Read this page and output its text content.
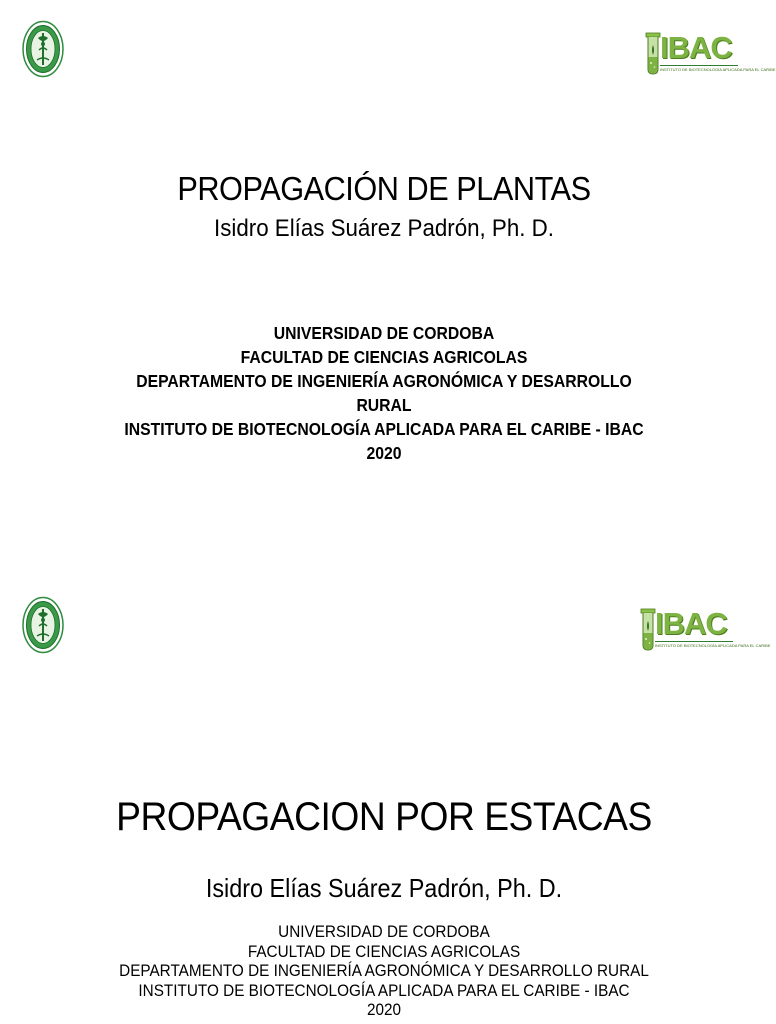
IBAC
INSTITUTO DE BIOTECNOLOGÍA APLICADA PARA EL CARIBE
PROPAGACIÓN DE PLANTAS
Isidro Elías Suárez Padrón, Ph. D.
UNIVERSIDAD DE CORDOBA
FACULTAD DE CIENCIAS AGRICOLAS
DEPARTAMENTO DE INGENIERÍA AGRONÓMICA Y DESARROLLO RURAL
INSTITUTO DE BIOTECNOLOGÍA APLICADA PARA EL CARIBE - IBAC
2020
IBAC
INSTITUTO DE BIOTECNOLOGÍA APLICADA PARA EL CARIBE
PROPAGACION POR ESTACAS
Isidro Elías Suárez Padrón, Ph. D.
UNIVERSIDAD DE CORDOBA
FACULTAD DE CIENCIAS AGRICOLAS
DEPARTAMENTO DE INGENIERÍA AGRONÓMICA Y DESARROLLO RURAL
INSTITUTO DE BIOTECNOLOGÍA APLICADA PARA EL CARIBE - IBAC
2020
